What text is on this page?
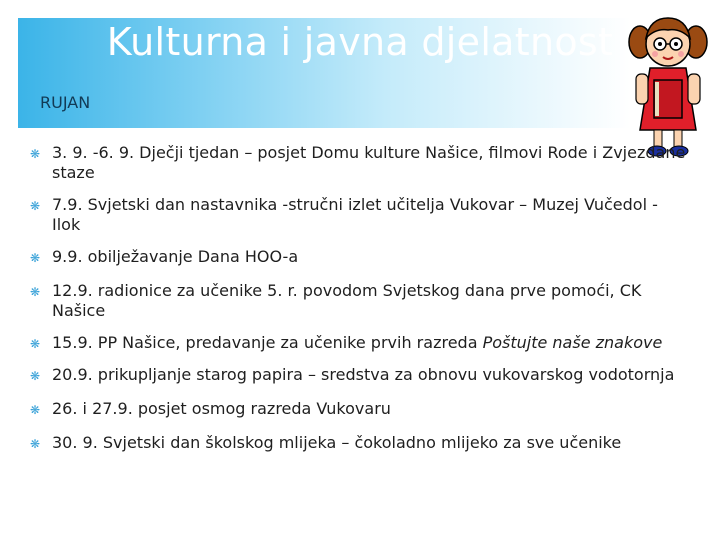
Kulturna i javna djelatnost
RUJAN
❋ 3. 9. -6. 9. Dječji tjedan – posjet Domu kulture Našice, filmovi Rode i Zvjezdane staze
❋ 7.9. Svjetski dan nastavnika -stručni izlet učitelja Vukovar – Muzej Vučedol - Ilok
❋ 9.9. obilježavanje Dana HOO-a
❋ 12.9. radionice za učenike 5. r. povodom Svjetskog dana prve pomoći, CK Našice
❋ 15.9. PP Našice, predavanje za učenike prvih razreda Poštujte naše znakove
❋ 20.9. prikupljanje starog papira – sredstva za obnovu vukovarskog vodotornja
❋ 26. i 27.9. posjet osmog razreda Vukovaru
❋ 30. 9. Svjetski dan školskog mlijeka – čokoladno mlijeko za sve učenike
